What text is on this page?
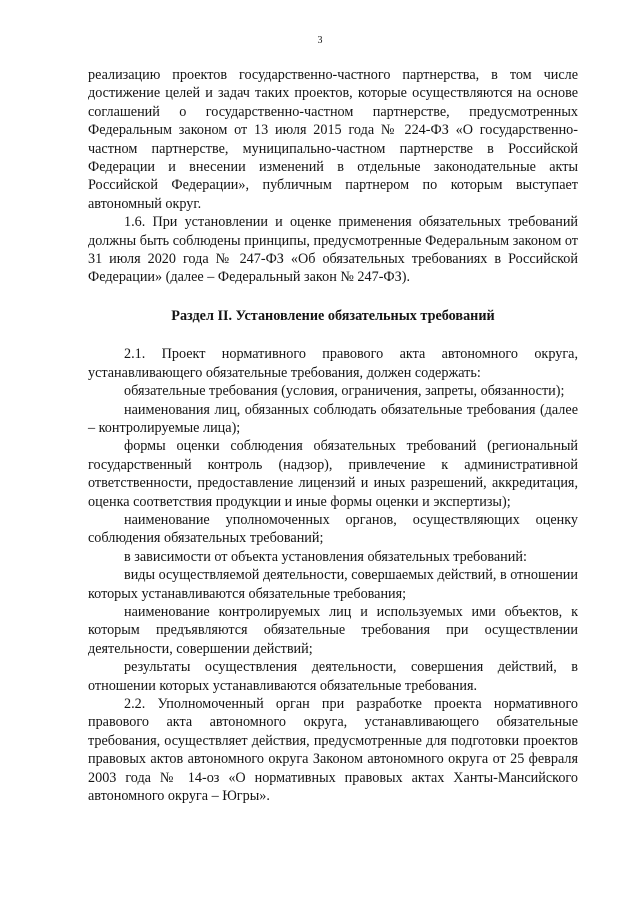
3

реализацию проектов государственно-частного партнерства, в том числе достижение целей и задач таких проектов, которые осуществляются на основе соглашений о государственно-частном партнерстве, предусмотренных Федеральным законом от 13 июля 2015 года № 224-ФЗ «О государственно-частном партнерстве, муниципально-частном партнерстве в Российской Федерации и внесении изменений в отдельные законодательные акты Российской Федерации», публичным партнером по которым выступает автономный округ.

1.6. При установлении и оценке применения обязательных требований должны быть соблюдены принципы, предусмотренные Федеральным законом от 31 июля 2020 года № 247-ФЗ «Об обязательных требованиях в Российской Федерации» (далее – Федеральный закон № 247-ФЗ).

Раздел II. Установление обязательных требований

2.1. Проект нормативного правового акта автономного округа, устанавливающего обязательные требования, должен содержать:

обязательные требования (условия, ограничения, запреты, обязанности);

наименования лиц, обязанных соблюдать обязательные требования (далее – контролируемые лица);

формы оценки соблюдения обязательных требований (региональный государственный контроль (надзор), привлечение к административной ответственности, предоставление лицензий и иных разрешений, аккредитация, оценка соответствия продукции и иные формы оценки и экспертизы);

наименование уполномоченных органов, осуществляющих оценку соблюдения обязательных требований;

в зависимости от объекта установления обязательных требований:

виды осуществляемой деятельности, совершаемых действий, в отношении которых устанавливаются обязательные требования;

наименование контролируемых лиц и используемых ими объектов, к которым предъявляются обязательные требования при осуществлении деятельности, совершении действий;

результаты осуществления деятельности, совершения действий, в отношении которых устанавливаются обязательные требования.

2.2. Уполномоченный орган при разработке проекта нормативного правового акта автономного округа, устанавливающего обязательные требования, осуществляет действия, предусмотренные для подготовки проектов правовых актов автономного округа Законом автономного округа от 25 февраля 2003 года № 14-оз «О нормативных правовых актах Ханты-Мансийского автономного округа – Югры».
